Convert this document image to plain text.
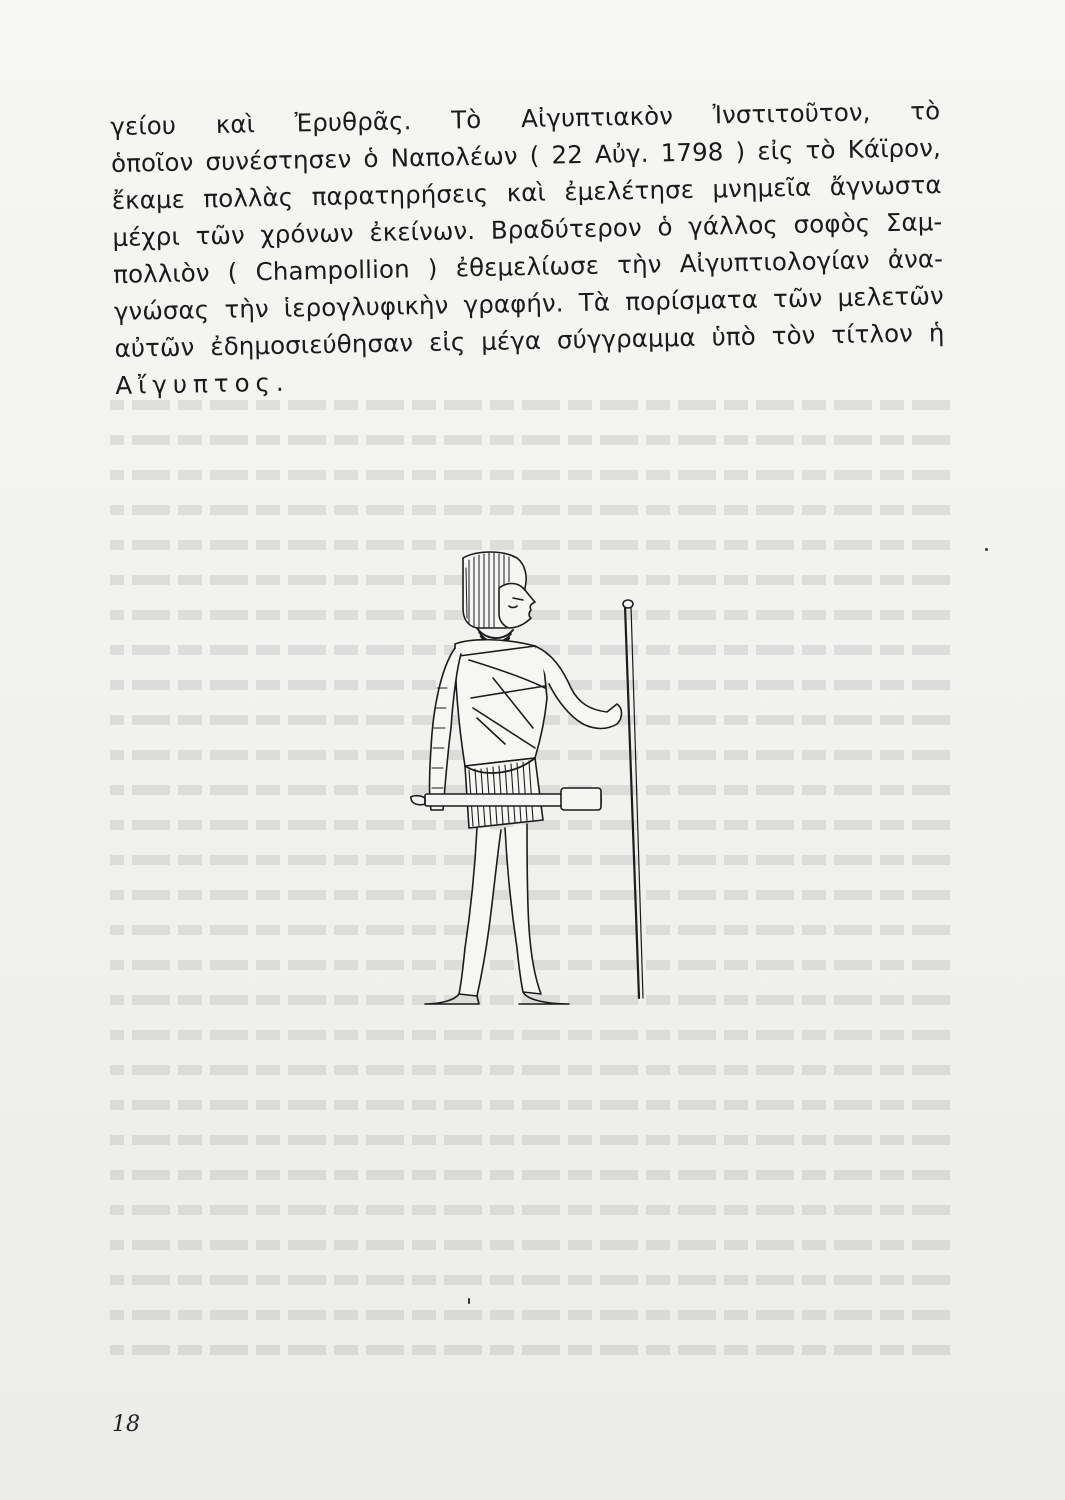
γείου καὶ Ἐρυθρᾶς. Τὸ Αἰγυπτιακὸν Ἰνστιτοῦτον, τὸ
ὁποῖον συνέστησεν ὁ Ναπολέων ( 22 Αὐγ. 1798 ) εἰς τὸ Κάϊρον,
ἔκαμε πολλὰς παρατηρήσεις καὶ ἐμελέτησε μνημεῖα ἄγνωστα
μέχρι τῶν χρόνων ἐκείνων. Βραδύτερον ὁ γάλλος σοφὸς Σαμ-
πολλιὸν ( Champollion ) ἐθεμελίωσε τὴν Αἰγυπτιολογίαν ἀνα-
γνώσας τὴν ἱερογλυφικὴν γραφήν. Τὰ πορίσματα τῶν μελετῶν
αὐτῶν ἐδημοσιεύθησαν εἰς μέγα σύγγραμμα ὑπὸ τὸν τίτλον ἡ
Αἴγυπτος.
18
